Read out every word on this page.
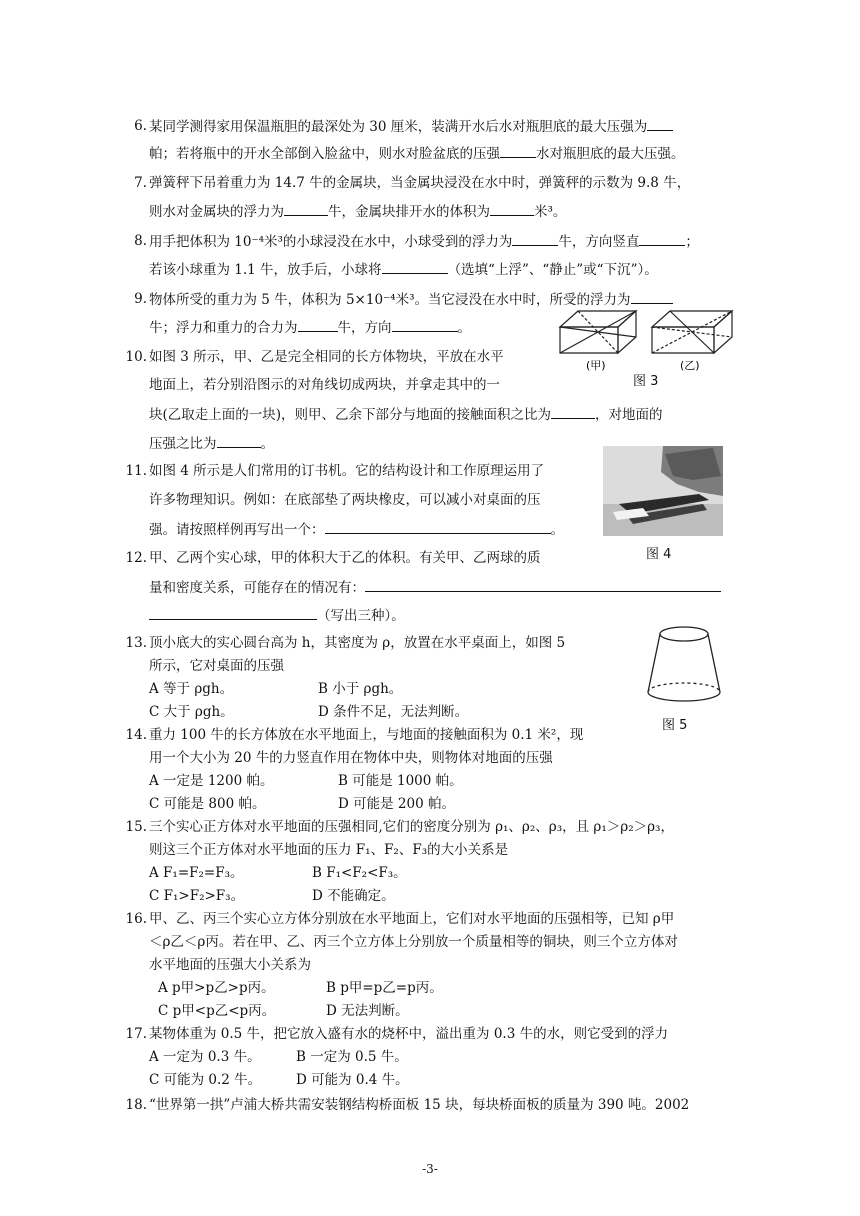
6. 某同学测得家用保温瓶胆的最深处为 30 厘米，装满开水后水对瓶胆底的最大压强为
帕；若将瓶中的开水全部倒入脸盆中，则水对脸盆底的压强	水对瓶胆底的最大压强。
7. 弹簧秤下吊着重力为 14.7 牛的金属块，当金属块浸没在水中时，弹簧秤的示数为 9.8 牛，
则水对金属块的浮力为	牛，金属块排开水的体积为	米³。
8. 用手把体积为 10⁻⁴米³的小球浸没在水中，小球受到的浮力为	牛，方向竖直	；
若该小球重为 1.1 牛，放手后，小球将	（选填“上浮”、“静止”或“下沉”）。
9. 物体所受的重力为 5 牛，体积为 5×10⁻⁴米³。当它浸没在水中时，所受的浮力为
牛；浮力和重力的合力为	牛，方向	。
(甲)	(乙)
图 3
10. 如图 3 所示，甲、乙是完全相同的长方体物块，平放在水平
地面上，若分别沿图示的对角线切成两块，并拿走其中的一
块(乙取走上面的一块)，则甲、乙余下部分与地面的接触面积之比为	，对地面的
压强之比为	。
图 4
11. 如图 4 所示是人们常用的订书机。它的结构设计和工作原理运用了
许多物理知识。例如：在底部垫了两块橡皮，可以减小对桌面的压
强。请按照样例再写出一个：	。
12. 甲、乙两个实心球，甲的体积大于乙的体积。有关甲、乙两球的质
量和密度关系，可能存在的情况有：
（写出三种）。
图 5
13. 顶小底大的实心圆台高为 h，其密度为 ρ，放置在水平桌面上，如图 5
所示，它对桌面的压强
A 等于 ρgh。	B 小于 ρgh。
C 大于 ρgh。	D 条件不足，无法判断。
14. 重力 100 牛的长方体放在水平地面上，与地面的接触面积为 0.1 米²，现
用一个大小为 20 牛的力竖直作用在物体中央，则物体对地面的压强
A 一定是 1200 帕。	B 可能是 1000 帕。
C 可能是 800 帕。	D 可能是 200 帕。
15. 三个实心正方体对水平地面的压强相同,它们的密度分别为 ρ₁、ρ₂、ρ₃，且 ρ₁＞ρ₂＞ρ₃，
则这三个正方体对水平地面的压力 F₁、F₂、F₃的大小关系是
A F₁=F₂=F₃。	B F₁<F₂<F₃。
C F₁>F₂>F₃。	D 不能确定。
16. 甲、乙、丙三个实心立方体分别放在水平地面上，它们对水平地面的压强相等，已知 ρ甲
＜ρ乙＜ρ丙。若在甲、乙、丙三个立方体上分别放一个质量相等的铜块，则三个立方体对
水平地面的压强大小关系为
A p甲>p乙>p丙。	B p甲=p乙=p丙。
C p甲<p乙<p丙。	D 无法判断。
17. 某物体重为 0.5 牛，把它放入盛有水的烧杯中，溢出重为 0.3 牛的水，则它受到的浮力
A 一定为 0.3 牛。	B 一定为 0.5 牛。
C 可能为 0.2 牛。	D 可能为 0.4 牛。
18. “世界第一拱”卢浦大桥共需安装钢结构桥面板 15 块，每块桥面板的质量为 390 吨。2002
-3-
